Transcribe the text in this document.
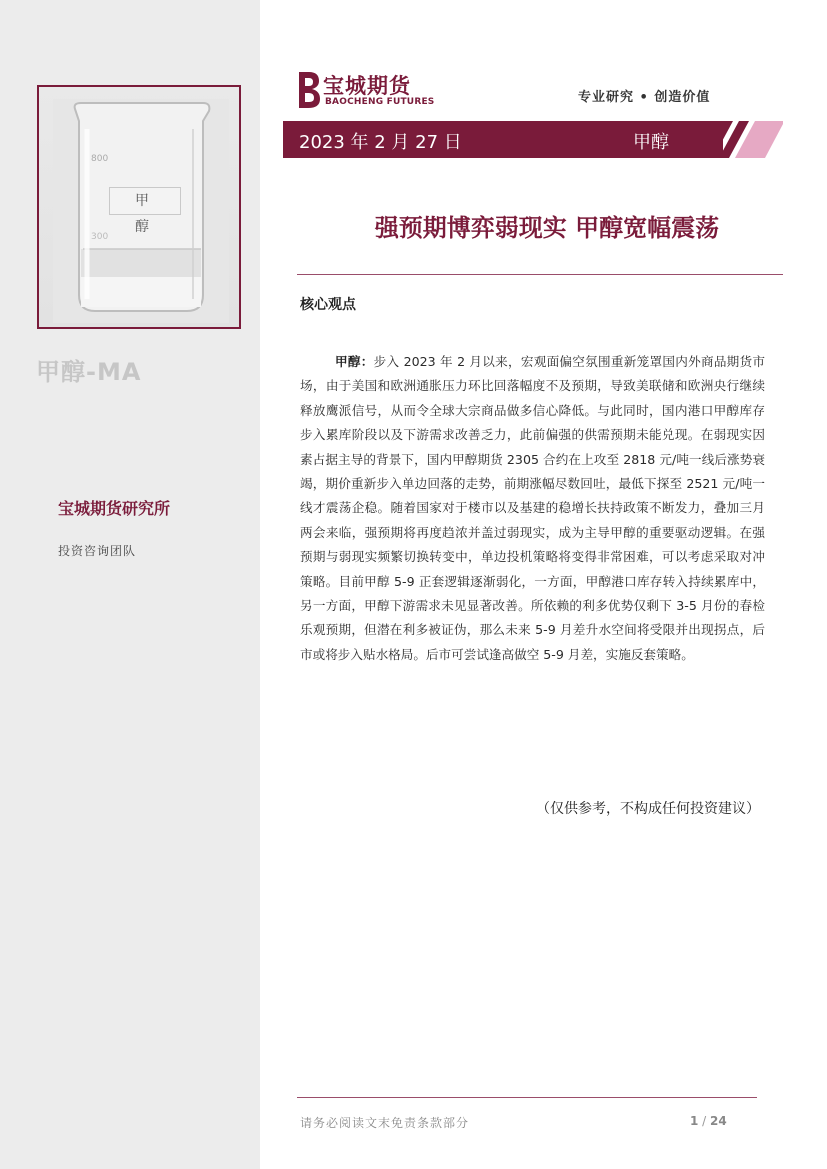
800
300
甲 醇
甲醇-MA
宝城期货研究所
投资咨询团队
宝城期货
BAOCHENG FUTURES	专业研究 • 创造价值
2023 年 2 月 27 日	甲醇
强预期博弈弱现实 甲醇宽幅震荡
核心观点
甲醇：步入 2023 年 2 月以来，宏观面偏空氛围重新笼罩国内外商品期货市场，由于美国和欧洲通胀压力环比回落幅度不及预期，导致美联储和欧洲央行继续释放鹰派信号，从而令全球大宗商品做多信心降低。与此同时，国内港口甲醇库存步入累库阶段以及下游需求改善乏力，此前偏强的供需预期未能兑现。在弱现实因素占据主导的背景下，国内甲醇期货 2305 合约在上攻至 2818 元/吨一线后涨势衰竭，期价重新步入单边回落的走势，前期涨幅尽数回吐，最低下探至 2521 元/吨一线才震荡企稳。随着国家对于楼市以及基建的稳增长扶持政策不断发力，叠加三月两会来临，强预期将再度趋浓并盖过弱现实，成为主导甲醇的重要驱动逻辑。在强预期与弱现实频繁切换转变中，单边投机策略将变得非常困难，可以考虑采取对冲策略。目前甲醇 5-9 正套逻辑逐渐弱化，一方面，甲醇港口库存转入持续累库中，另一方面，甲醇下游需求未见显著改善。所依赖的利多优势仅剩下 3-5 月份的春检乐观预期，但潜在利多被证伪，那么未来 5-9 月差升水空间将受限并出现拐点，后市或将步入贴水格局。后市可尝试逢高做空 5-9 月差，实施反套策略。
（仅供参考，不构成任何投资建议）
请务必阅读文末免责条款部分	1 / 24
